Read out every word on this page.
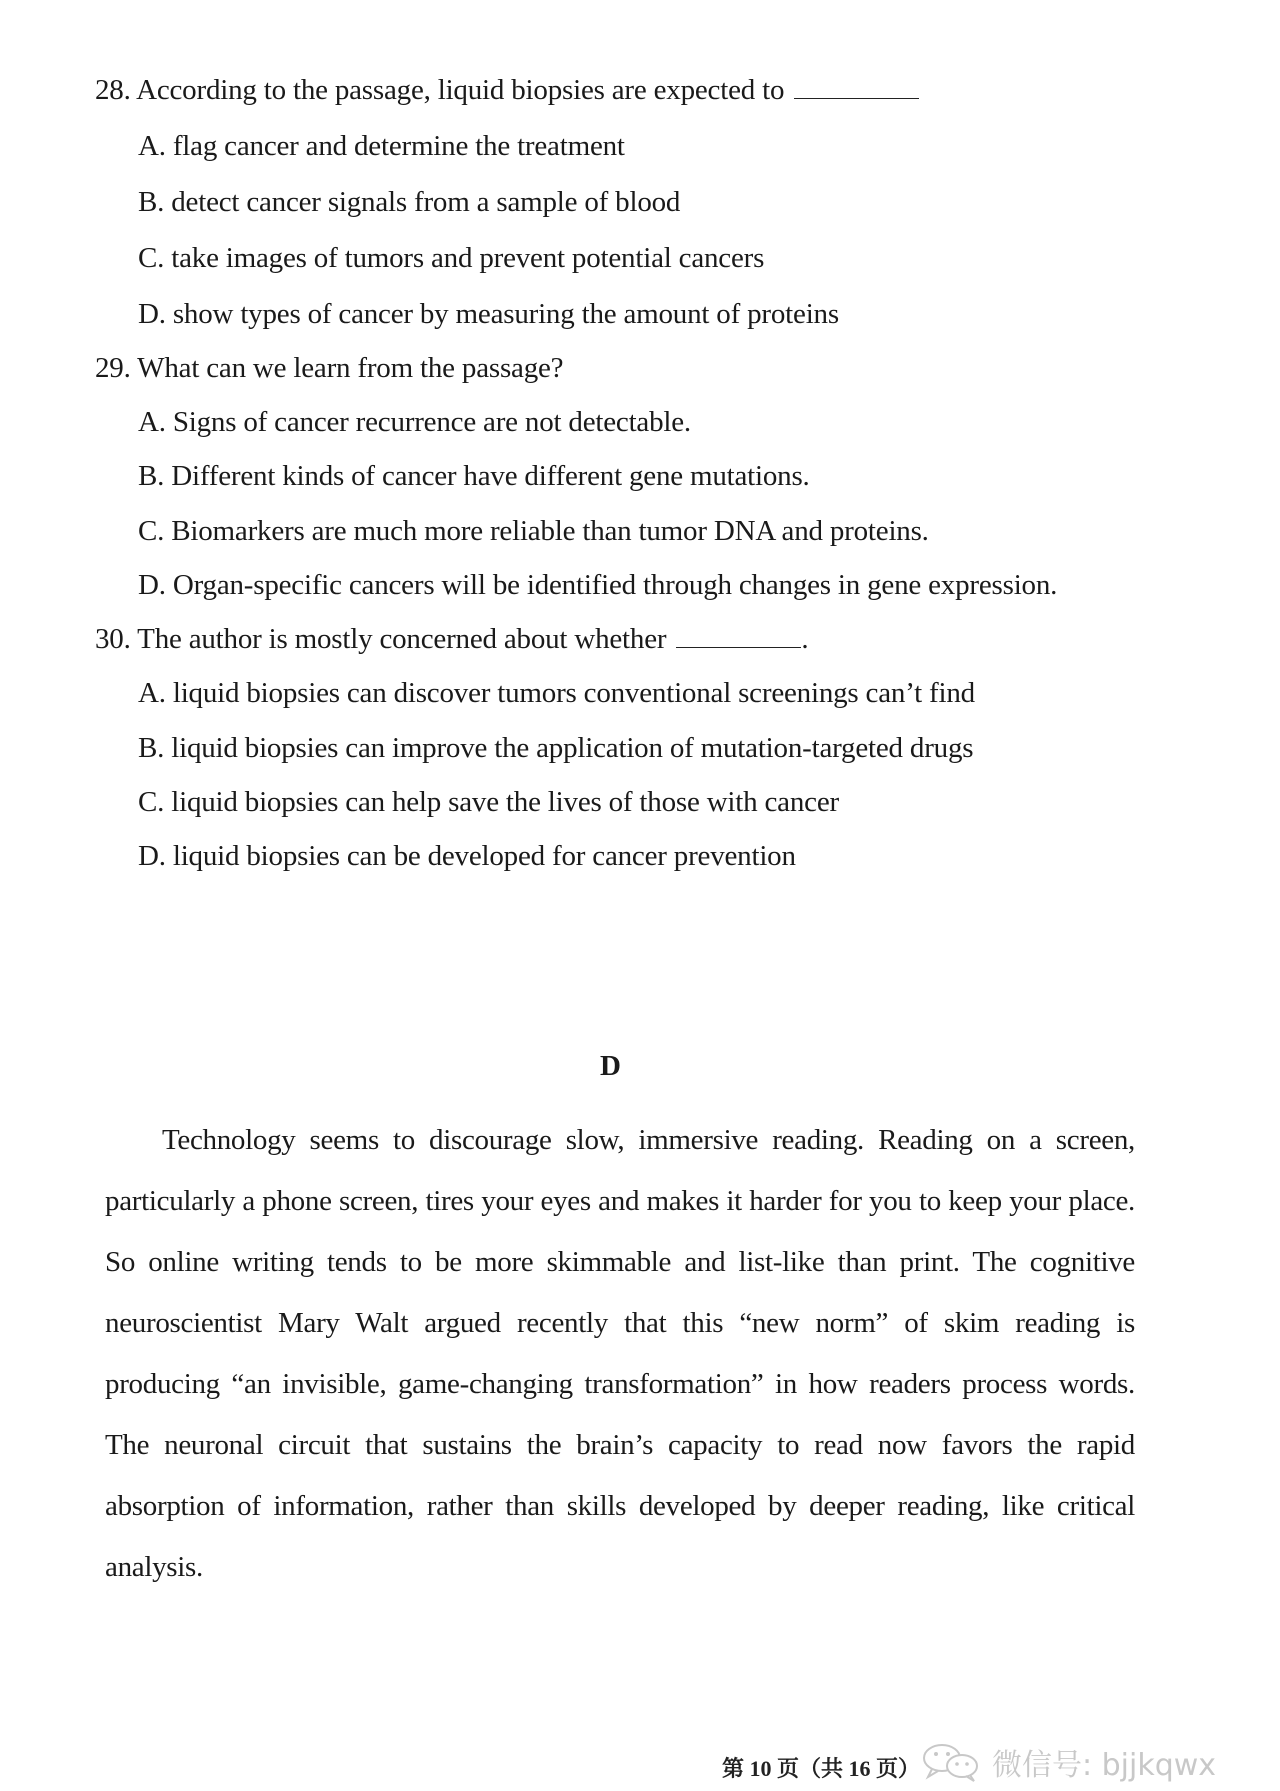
28. According to the passage, liquid biopsies are expected to
A. flag cancer and determine the treatment
B. detect cancer signals from a sample of blood
C. take images of tumors and prevent potential cancers
D. show types of cancer by measuring the amount of proteins
29. What can we learn from the passage?
A. Signs of cancer recurrence are not detectable.
B. Different kinds of cancer have different gene mutations.
C. Biomarkers are much more reliable than tumor DNA and proteins.
D. Organ-specific cancers will be identified through changes in gene expression.
30. The author is mostly concerned about whether	.
A. liquid biopsies can discover tumors conventional screenings can’t find
B. liquid biopsies can improve the application of mutation-targeted drugs
C. liquid biopsies can help save the lives of those with cancer
D. liquid biopsies can be developed for cancer prevention
D
Technology seems to discourage slow, immersive reading. Reading on a screen, particularly a phone screen, tires your eyes and makes it harder for you to keep your place. So online writing tends to be more skimmable and list-like than print. The cognitive neuroscientist Mary Walt argued recently that this “new norm” of skim reading is producing “an invisible, game-changing transformation” in how readers process words. The neuronal circuit that sustains the brain’s capacity to read now favors the rapid absorption of information, rather than skills developed by deeper reading, like critical analysis.
第 10 页（共 16 页） 微信号: bjjkqwx
